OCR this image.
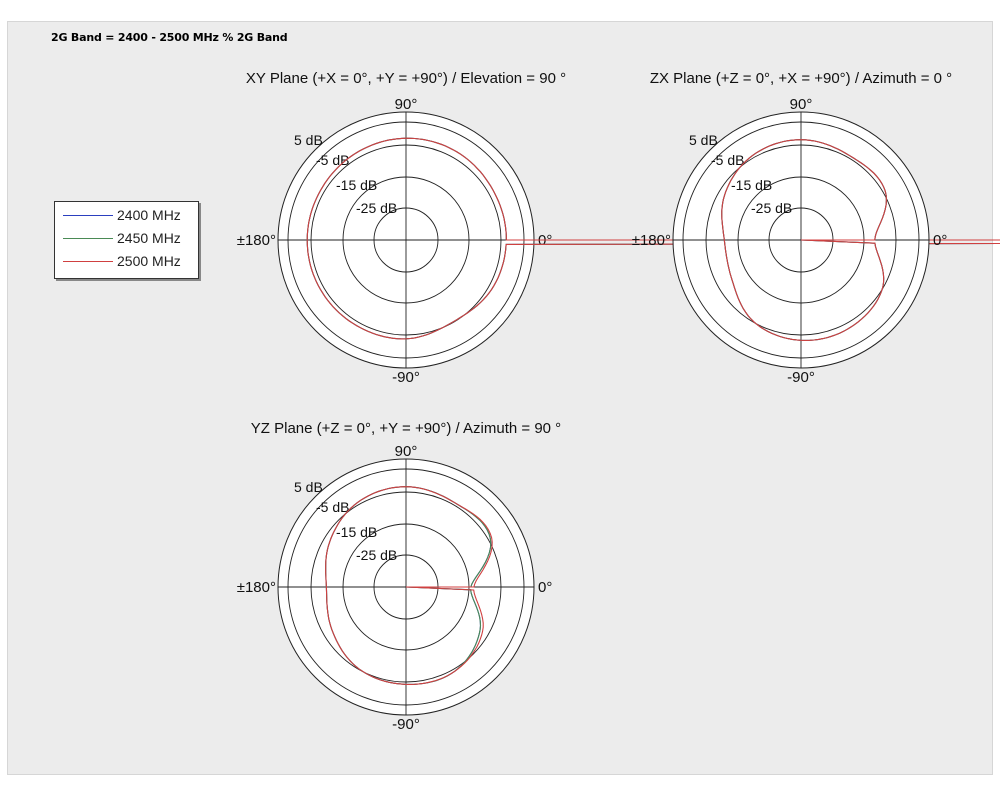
2G Band = 2400 - 2500 MHz % 2G Band
2400 MHz
2450 MHz
2500 MHz
XY Plane (+X = 0°, +Y = +90°) / Elevation = 90 °
90°
0°
-90°
±180°
5 dB
-5 dB
-15 dB
-25 dB
ZX Plane (+Z = 0°, +X = +90°) / Azimuth = 0 °
90°
0°
-90°
±180°
5 dB
-5 dB
-15 dB
-25 dB
YZ Plane (+Z = 0°, +Y = +90°) / Azimuth = 90 °
90°
0°
-90°
±180°
5 dB
-5 dB
-15 dB
-25 dB
